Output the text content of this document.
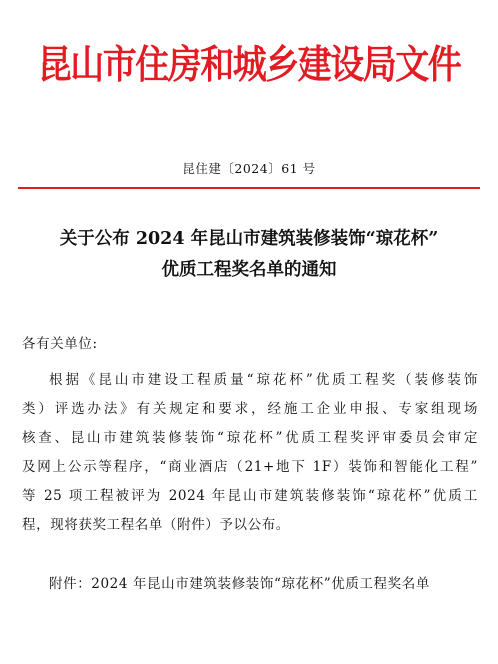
昆山市住房和城乡建设局文件
昆住建〔2024〕61 号
关于公布 2024 年昆山市建筑装修装饰“琼花杯”
优质工程奖名单的通知
各有关单位:
根据《昆山市建设工程质量“琼花杯”优质工程奖（装修装饰
类）评选办法》有关规定和要求，经施工企业申报、专家组现场
核查、昆山市建筑装修装饰“琼花杯”优质工程奖评审委员会审定
及网上公示等程序，“商业酒店（21+地下 1F）装饰和智能化工程”
等 25 项工程被评为 2024 年昆山市建筑装修装饰“琼花杯”优质工
程，现将获奖工程名单（附件）予以公布。
附件：2024 年昆山市建筑装修装饰“琼花杯”优质工程奖名单
